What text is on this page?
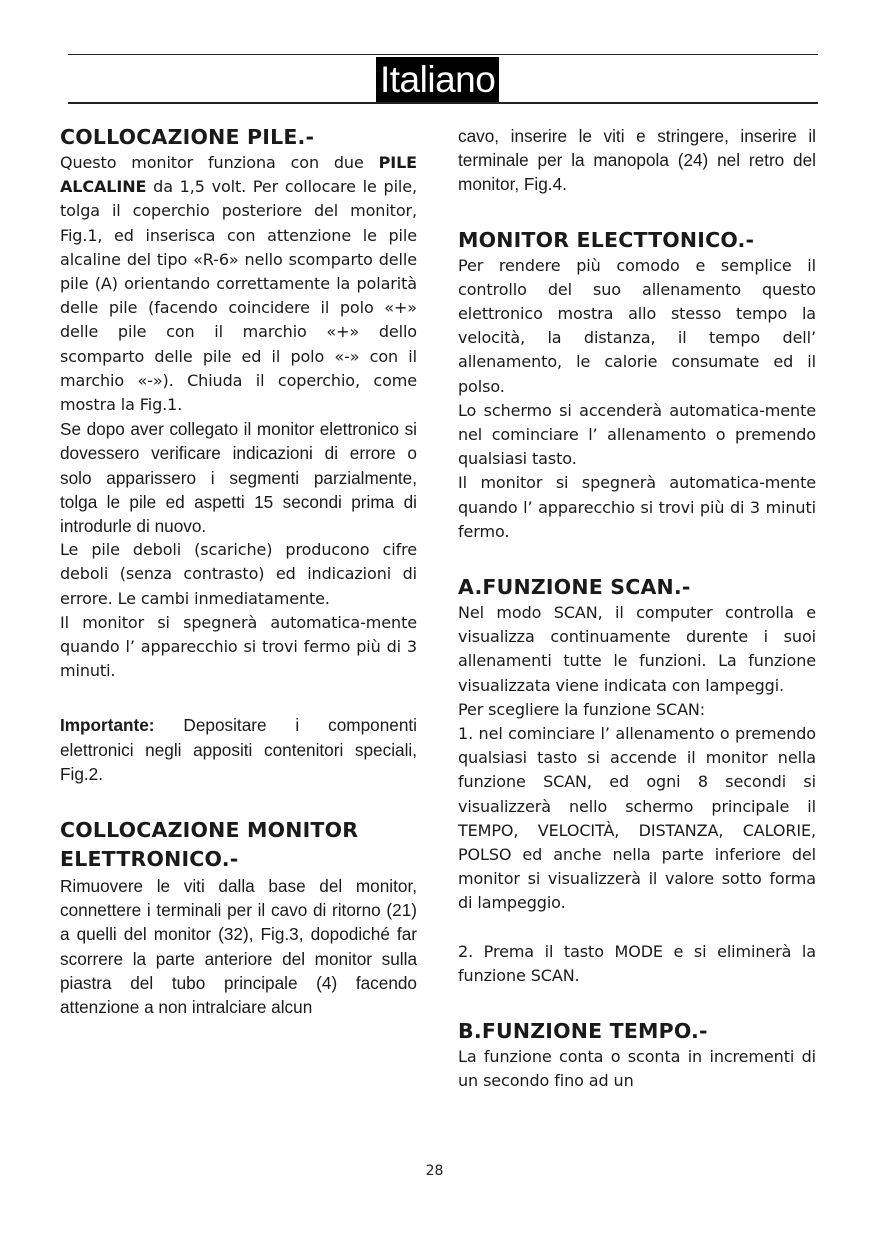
Italiano
COLLOCAZIONE PILE.-

Questo monitor funziona con due PILE ALCALINE da 1,5 volt. Per collocare le pile, tolga il coperchio posteriore del monitor, Fig.1, ed inserisca con attenzione le pile alcaline del tipo «R-6» nello scomparto delle pile (A) orientando correttamente la polarità delle pile (facendo coincidere il polo «+» delle pile con il marchio «+» dello scomparto delle pile ed il polo «-» con il marchio «-»). Chiuda il coperchio, come mostra la Fig.1.

Se dopo aver collegato il monitor elettronico si dovessero verificare indicazioni di errore o solo apparissero i segmenti parzialmente, tolga le pile ed aspetti 15 secondi prima di introdurle di nuovo.

Le pile deboli (scariche) producono cifre deboli (senza contrasto) ed indicazioni di errore. Le cambi inmediatamente.

Il monitor si spegnerà automatica-mente quando l’ apparecchio si trovi fermo più di 3 minuti.

Importante: Depositare i componenti elettronici negli appositi contenitori speciali, Fig.2.

COLLOCAZIONE MONITOR ELETTRONICO.-

Rimuovere le viti dalla base del monitor, connettere i terminali per il cavo di ritorno (21) a quelli del monitor (32), Fig.3, dopodiché far scorrere la parte anteriore del monitor sulla piastra del tubo principale (4) facendo attenzione a non intralciare alcun

cavo, inserire le viti e stringere, inserire il terminale per la manopola (24) nel retro del monitor, Fig.4.

MONITOR ELECTTONICO.-

Per rendere più comodo e semplice il controllo del suo allenamento questo elettronico mostra allo stesso tempo la velocità, la distanza, il tempo dell’ allenamento, le calorie consumate ed il polso.

Lo schermo si accenderà automatica-mente nel cominciare l’ allenamento o premendo qualsiasi tasto.

Il monitor si spegnerà automatica-mente quando l’ apparecchio si trovi più di 3 minuti fermo.

A.FUNZIONE SCAN.-

Nel modo SCAN, il computer controlla e visualizza continuamente durente i suoi allenamenti tutte le funzioni. La funzione visualizzata viene indicata con lampeggi.

Per scegliere la funzione SCAN:

1. nel cominciare l’ allenamento o premendo qualsiasi tasto si accende il monitor nella funzione SCAN, ed ogni 8 secondi si visualizzerà nello schermo principale il TEMPO, VELOCITÀ, DISTANZA, CALORIE, POLSO ed anche nella parte inferiore del monitor si visualizzerà il valore sotto forma di lampeggio.

2. Prema il tasto MODE e si eliminerà la funzione SCAN.

B.FUNZIONE TEMPO.-

La funzione conta o sconta in incrementi di un secondo fino ad un

28
